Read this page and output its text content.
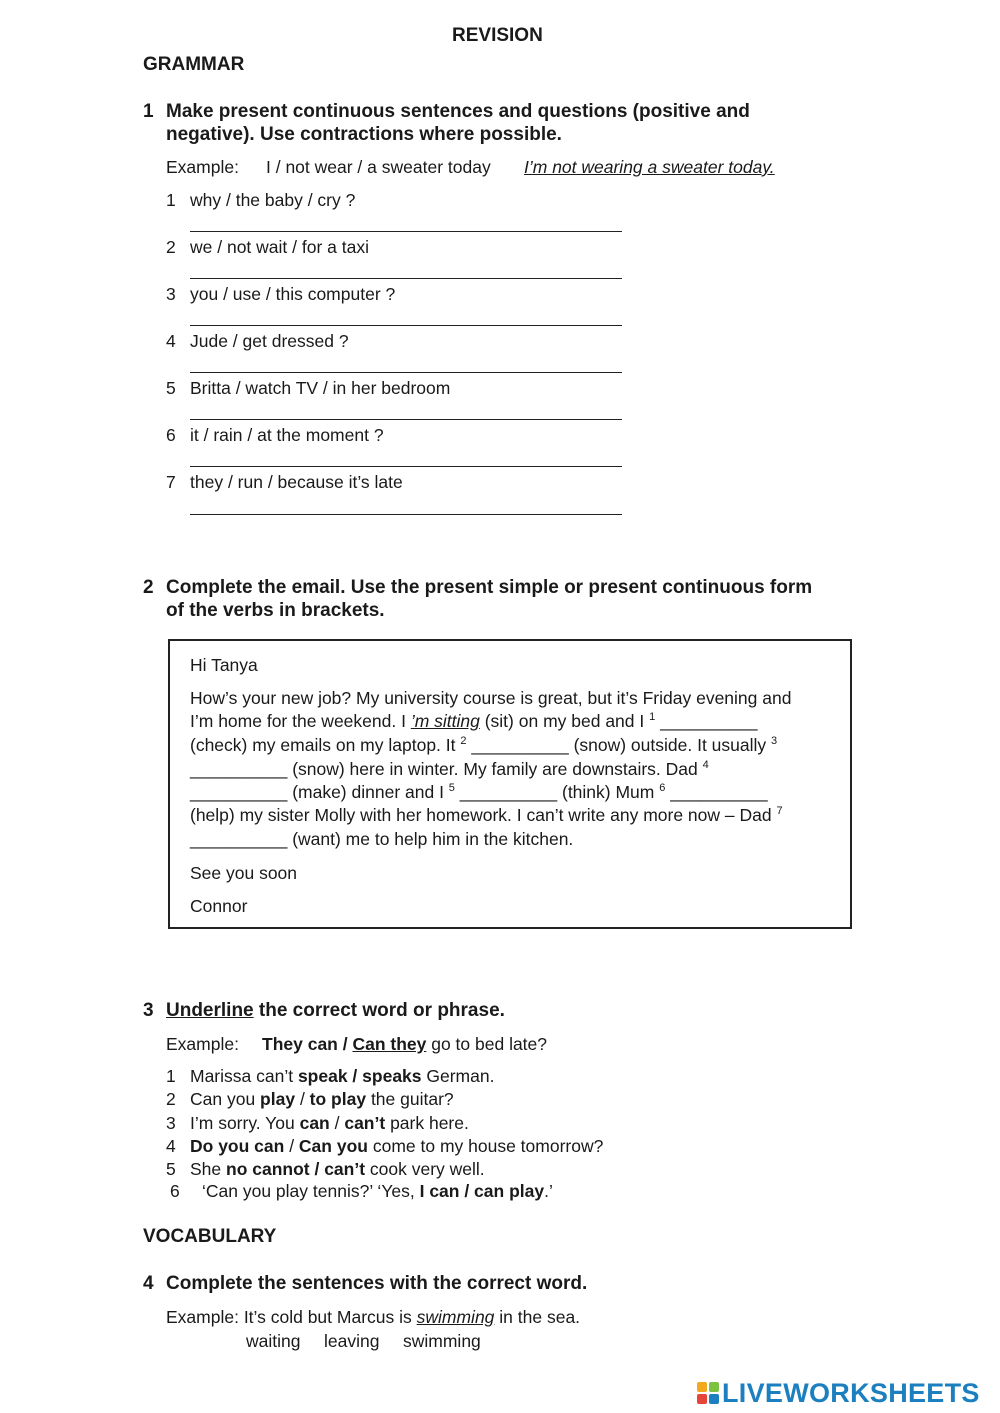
REVISION
GRAMMAR
1 Make present continuous sentences and questions (positive and
negative). Use contractions where possible.
Example: I / not wear / a sweater today I’m not wearing a sweater today.
1 why / the baby / cry ?
2 we / not wait / for a taxi
3 you / use / this computer ?
4 Jude / get dressed ?
5 Britta / watch TV / in her bedroom
6 it / rain / at the moment ?
7 they / run / because it’s late
2 Complete the email. Use the present simple or present continuous form
of the verbs in brackets.
Hi Tanya
How’s your new job? My university course is great, but it’s Friday evening and
I’m home for the weekend. I ’m sitting (sit) on my bed and I $^1$ __________
(check) my emails on my laptop. It $^2$ __________ (snow) outside. It usually $^3$
__________ (snow) here in winter. My family are downstairs. Dad $^4$
__________ (make) dinner and I $^5$ __________ (think) Mum $^6$ __________
(help) my sister Molly with her homework. I can’t write any more now – Dad $^7$
__________ (want) me to help him in the kitchen.
See you soon
Connor
3 Underline the correct word or phrase.
Example: They can / Can they go to bed late?
1 Marissa can’t speak / speaks German.
2 Can you play / to play the guitar?
3 I’m sorry. You can / can’t park here.
4 Do you can / Can you come to my house tomorrow?
5 She no cannot / can’t cook very well.
6 ‘Can you play tennis?’ ‘Yes, I can / can play.’
VOCABULARY
4 Complete the sentences with the correct word.
Example: It’s cold but Marcus is swimming in the sea.
waiting leaving swimming
LIVEWORKSHEETS
